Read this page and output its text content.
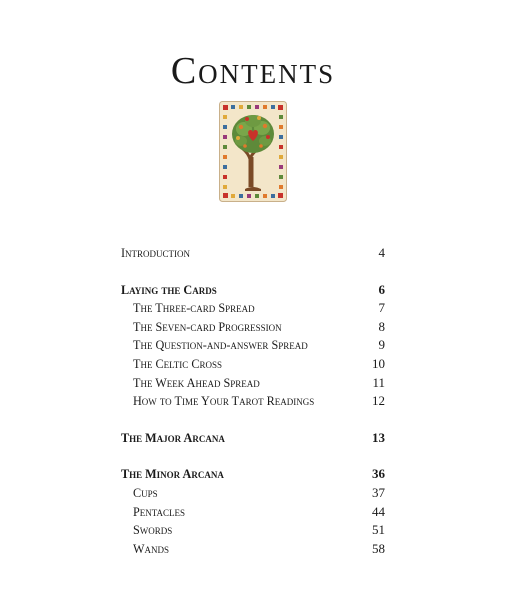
Contents
Introduction	4
Laying the Cards	6
The Three-card Spread	7
The Seven-card Progression	8
The Question-and-answer Spread	9
The Celtic Cross	10
The Week Ahead Spread	11
How to Time Your Tarot Readings	12
The Major Arcana	13
The Minor Arcana	36
Cups	37
Pentacles	44
Swords	51
Wands	58
